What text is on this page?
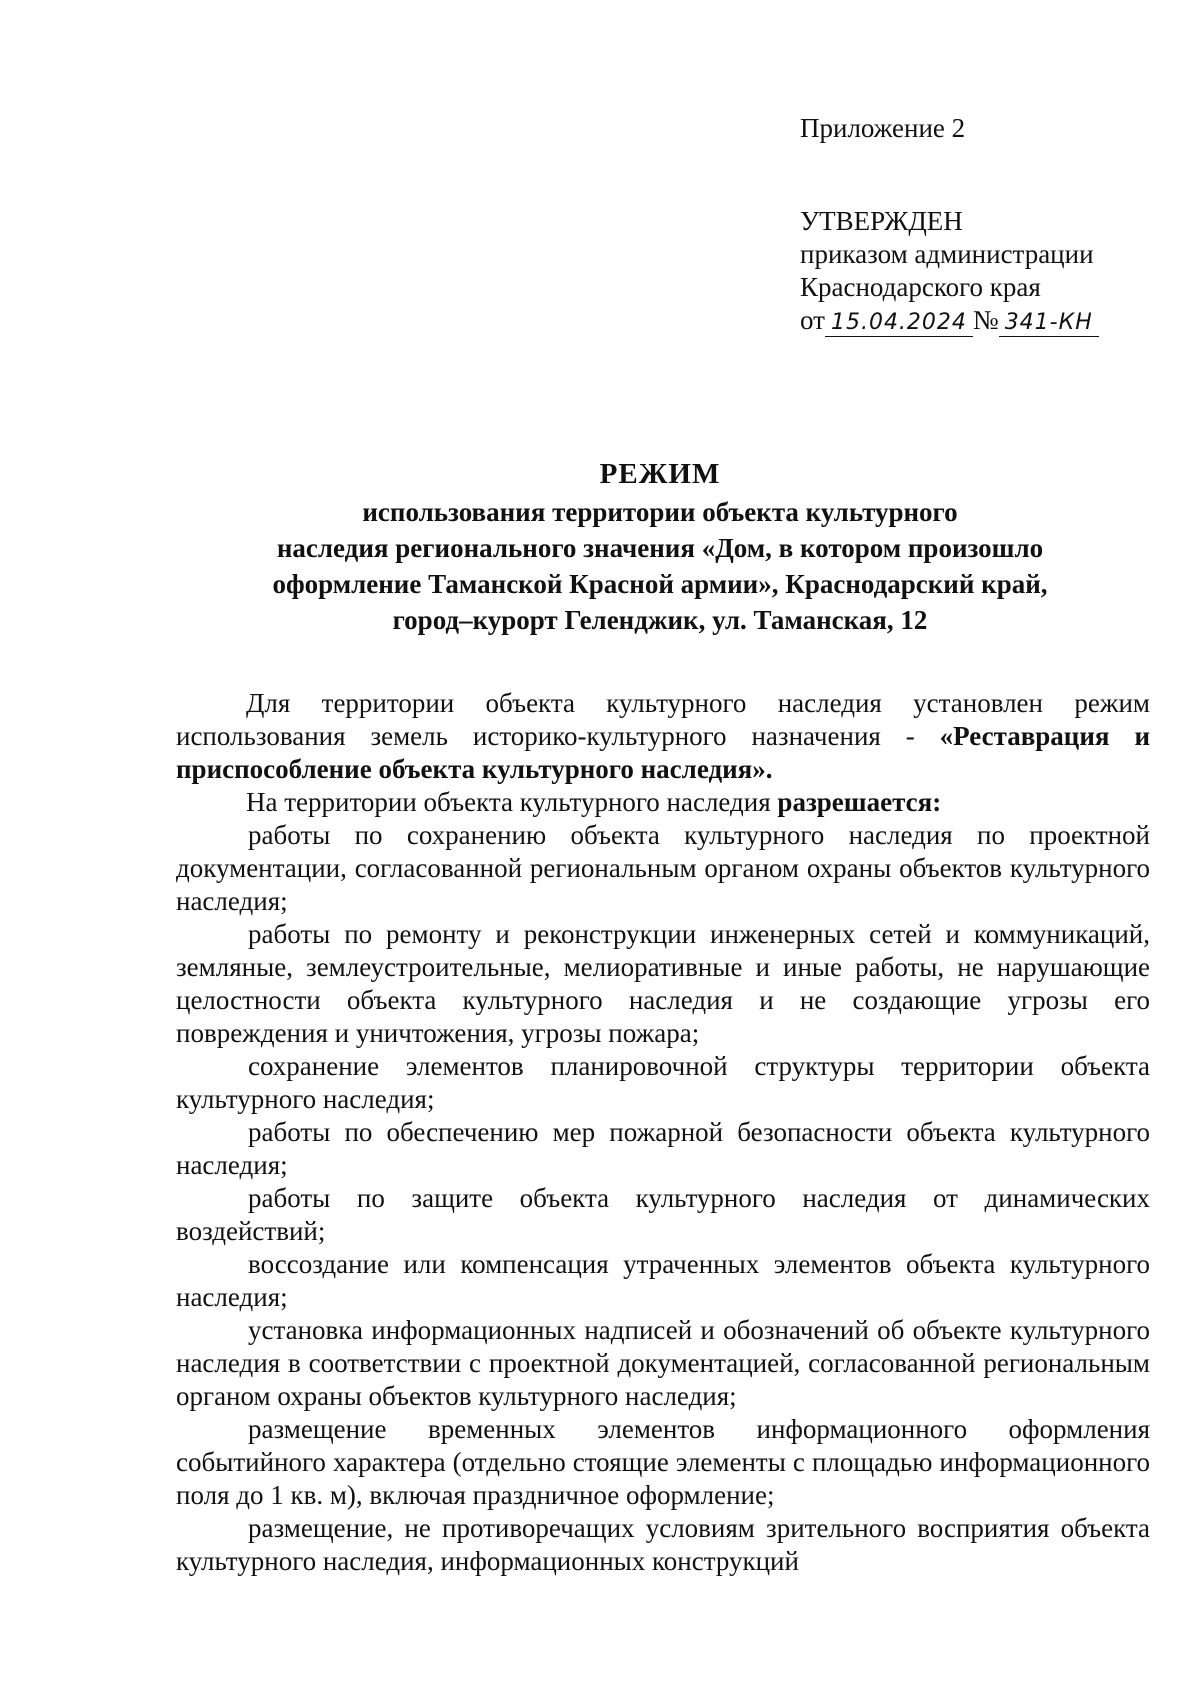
Приложение 2
УТВЕРЖДЕН
приказом администрации
Краснодарского края
от 15.04.2024 № 341-КН
РЕЖИМ
использования территории объекта культурного
наследия регионального значения «Дом, в котором произошло
оформление Таманской Красной армии», Краснодарский край,
город–курорт Геленджик, ул. Таманская, 12

Для территории объекта культурного наследия установлен режим использования земель историко-культурного назначения - «Реставрация и приспособление объекта культурного наследия».

На территории объекта культурного наследия разрешается:

работы по сохранению объекта культурного наследия по проектной документации, согласованной региональным органом охраны объектов культурного наследия;

работы по ремонту и реконструкции инженерных сетей и коммуникаций, земляные, землеустроительные, мелиоративные и иные работы, не нарушающие целостности объекта культурного наследия и не создающие угрозы его повреждения и уничтожения, угрозы пожара;

сохранение элементов планировочной структуры территории объекта культурного наследия;

работы по обеспечению мер пожарной безопасности объекта культурного наследия;

работы по защите объекта культурного наследия от динамических воздействий;

воссоздание или компенсация утраченных элементов объекта культурного наследия;

установка информационных надписей и обозначений об объекте культурного наследия в соответствии с проектной документацией, согласованной региональным органом охраны объектов культурного наследия;

размещение временных элементов информационного оформления событийного характера (отдельно стоящие элементы с площадью информационного поля до 1 кв. м), включая праздничное оформление;

размещение, не противоречащих условиям зрительного восприятия объекта культурного наследия, информационных конструкций
